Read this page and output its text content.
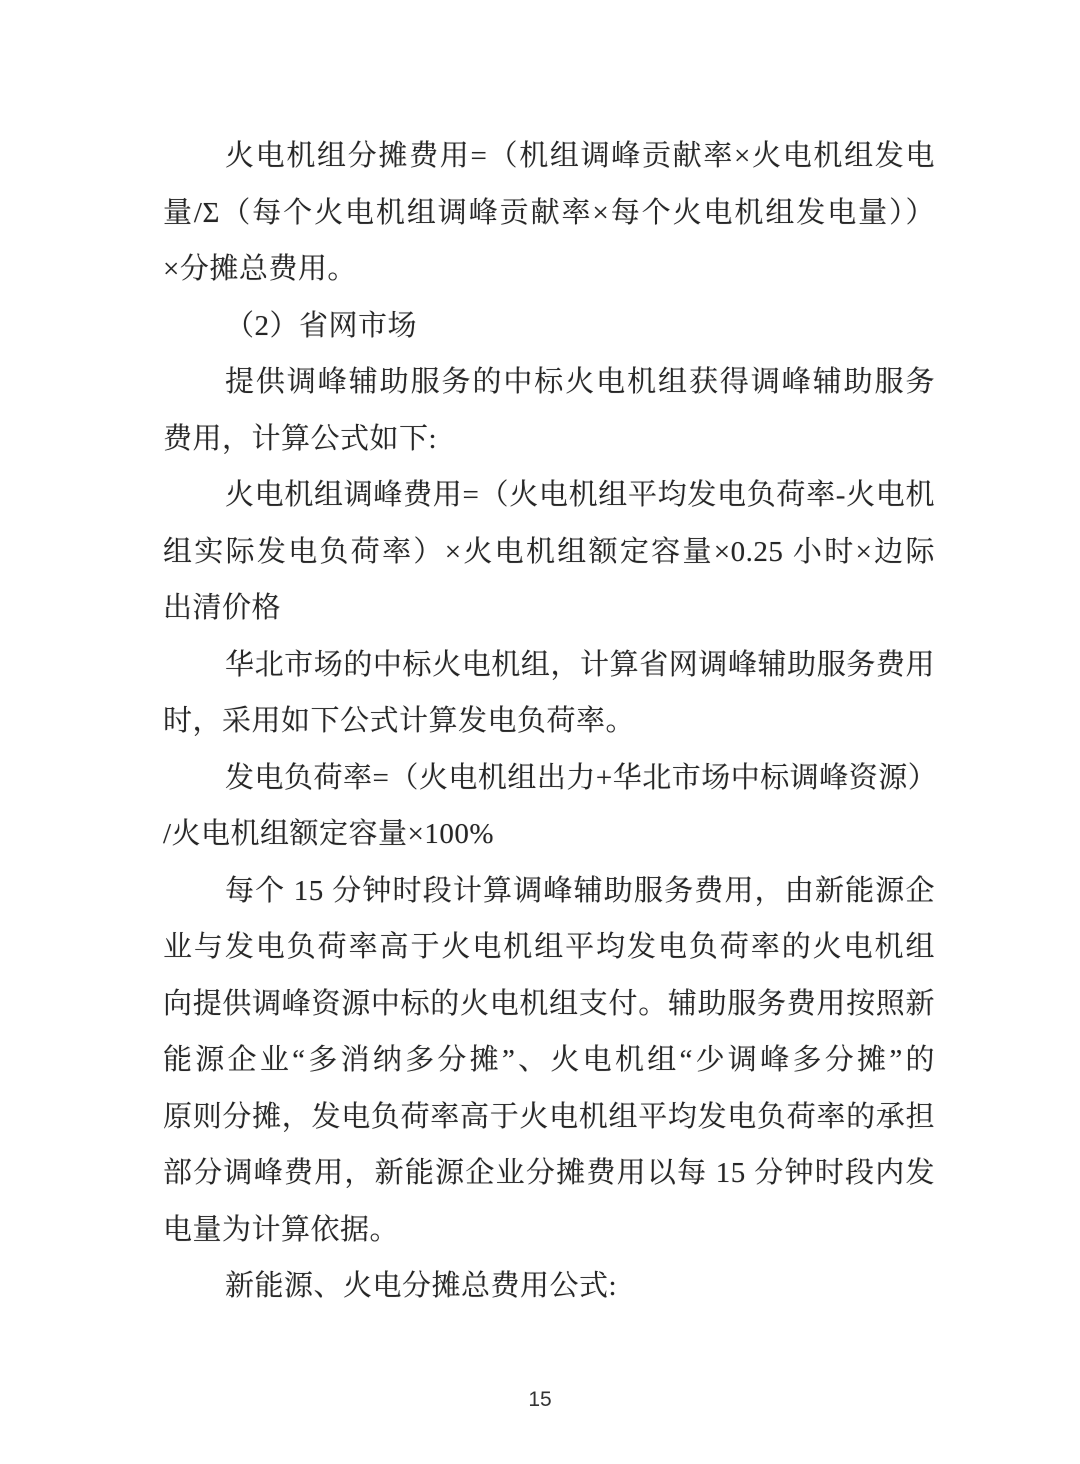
火电机组分摊费用=（机组调峰贡献率×火电机组发电
量/Σ（每个火电机组调峰贡献率×每个火电机组发电量））
×分摊总费用。
（2）省网市场
提供调峰辅助服务的中标火电机组获得调峰辅助服务
费用，计算公式如下:
火电机组调峰费用=（火电机组平均发电负荷率-火电机
组实际发电负荷率）×火电机组额定容量×0.25 小时×边际
出清价格
华北市场的中标火电机组，计算省网调峰辅助服务费用
时，采用如下公式计算发电负荷率。
发电负荷率=（火电机组出力+华北市场中标调峰资源）
/火电机组额定容量×100%
每个 15 分钟时段计算调峰辅助服务费用，由新能源企
业与发电负荷率高于火电机组平均发电负荷率的火电机组
向提供调峰资源中标的火电机组支付。辅助服务费用按照新
能源企业“多消纳多分摊”、火电机组“少调峰多分摊”的
原则分摊，发电负荷率高于火电机组平均发电负荷率的承担
部分调峰费用，新能源企业分摊费用以每 15 分钟时段内发
电量为计算依据。
新能源、火电分摊总费用公式:
15
